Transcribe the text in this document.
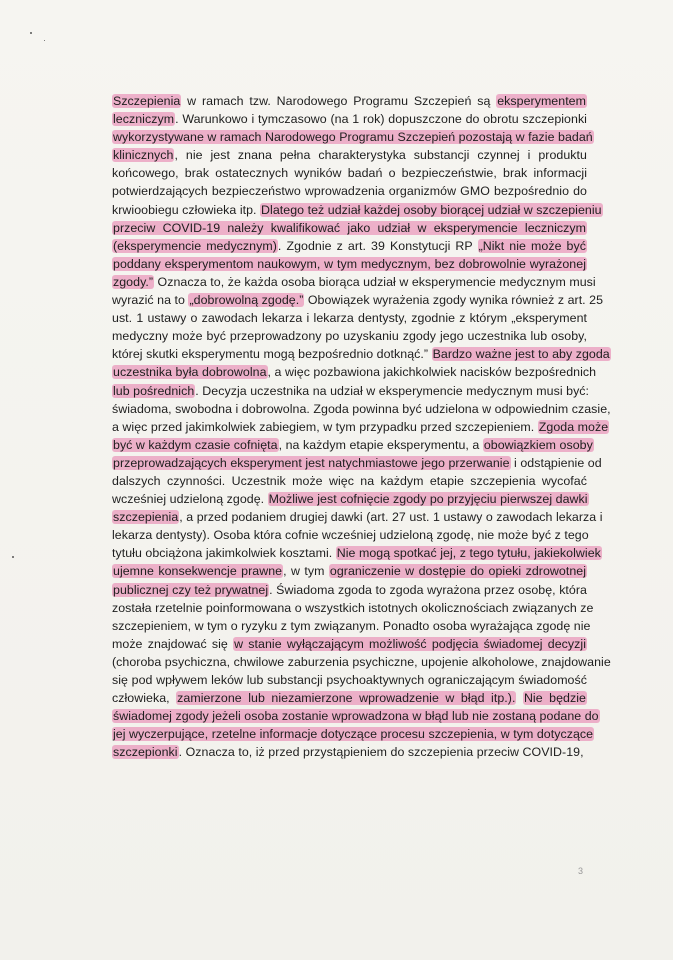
Szczepienia w ramach tzw. Narodowego Programu Szczepień są eksperymentem
leczniczym. Warunkowo i tymczasowo (na 1 rok) dopuszczone do obrotu szczepionki
wykorzystywane w ramach Narodowego Programu Szczepień pozostają w fazie badań
klinicznych, nie jest znana pełna charakterystyka substancji czynnej i produktu
końcowego, brak ostatecznych wyników badań o bezpieczeństwie, brak informacji
potwierdzających bezpieczeństwo wprowadzenia organizmów GMO bezpośrednio do
krwioobiegu człowieka itp. Dlatego też udział każdej osoby biorącej udział w szczepieniu
przeciw COVID-19 należy kwalifikować jako udział w eksperymencie leczniczym
(eksperymencie medycznym). Zgodnie z art. 39 Konstytucji RP „Nikt nie może być
poddany eksperymentom naukowym, w tym medycznym, bez dobrowolnie wyrażonej
zgody.” Oznacza to, że każda osoba biorąca udział w eksperymencie medycznym musi
wyrazić na to „dobrowolną zgodę.” Obowiązek wyrażenia zgody wynika również z art. 25
ust. 1 ustawy o zawodach lekarza i lekarza dentysty, zgodnie z którym „eksperyment
medyczny może być przeprowadzony po uzyskaniu zgody jego uczestnika lub osoby,
której skutki eksperymentu mogą bezpośrednio dotknąć.” Bardzo ważne jest to aby zgoda
uczestnika była dobrowolna, a więc pozbawiona jakichkolwiek nacisków bezpośrednich
lub pośrednich. Decyzja uczestnika na udział w eksperymencie medycznym musi być:
świadoma, swobodna i dobrowolna. Zgoda powinna być udzielona w odpowiednim czasie,
a więc przed jakimkolwiek zabiegiem, w tym przypadku przed szczepieniem. Zgoda może
być w każdym czasie cofnięta, na każdym etapie eksperymentu, a obowiązkiem osoby
przeprowadzających eksperyment jest natychmiastowe jego przerwanie i odstąpienie od
dalszych czynności. Uczestnik może więc na każdym etapie szczepienia wycofać
wcześniej udzieloną zgodę. Możliwe jest cofnięcie zgody po przyjęciu pierwszej dawki
szczepienia, a przed podaniem drugiej dawki (art. 27 ust. 1 ustawy o zawodach lekarza i
lekarza dentysty). Osoba która cofnie wcześniej udzieloną zgodę, nie może być z tego
tytułu obciążona jakimkolwiek kosztami. Nie mogą spotkać jej, z tego tytułu, jakiekolwiek
ujemne konsekwencje prawne, w tym ograniczenie w dostępie do opieki zdrowotnej
publicznej czy też prywatnej. Świadoma zgoda to zgoda wyrażona przez osobę, która
została rzetelnie poinformowana o wszystkich istotnych okolicznościach związanych ze
szczepieniem, w tym o ryzyku z tym związanym. Ponadto osoba wyrażająca zgodę nie
może znajdować się w stanie wyłączającym możliwość podjęcia świadomej decyzji
(choroba psychiczna, chwilowe zaburzenia psychiczne, upojenie alkoholowe, znajdowanie
się pod wpływem leków lub substancji psychoaktywnych ograniczającym świadomość
człowieka, zamierzone lub niezamierzone wprowadzenie w błąd itp.). Nie będzie
świadomej zgody jeżeli osoba zostanie wprowadzona w błąd lub nie zostaną podane do
jej wyczerpujące, rzetelne informacje dotyczące procesu szczepienia, w tym dotyczące
szczepionki. Oznacza to, iż przed przystąpieniem do szczepienia przeciw COVID-19,
3
